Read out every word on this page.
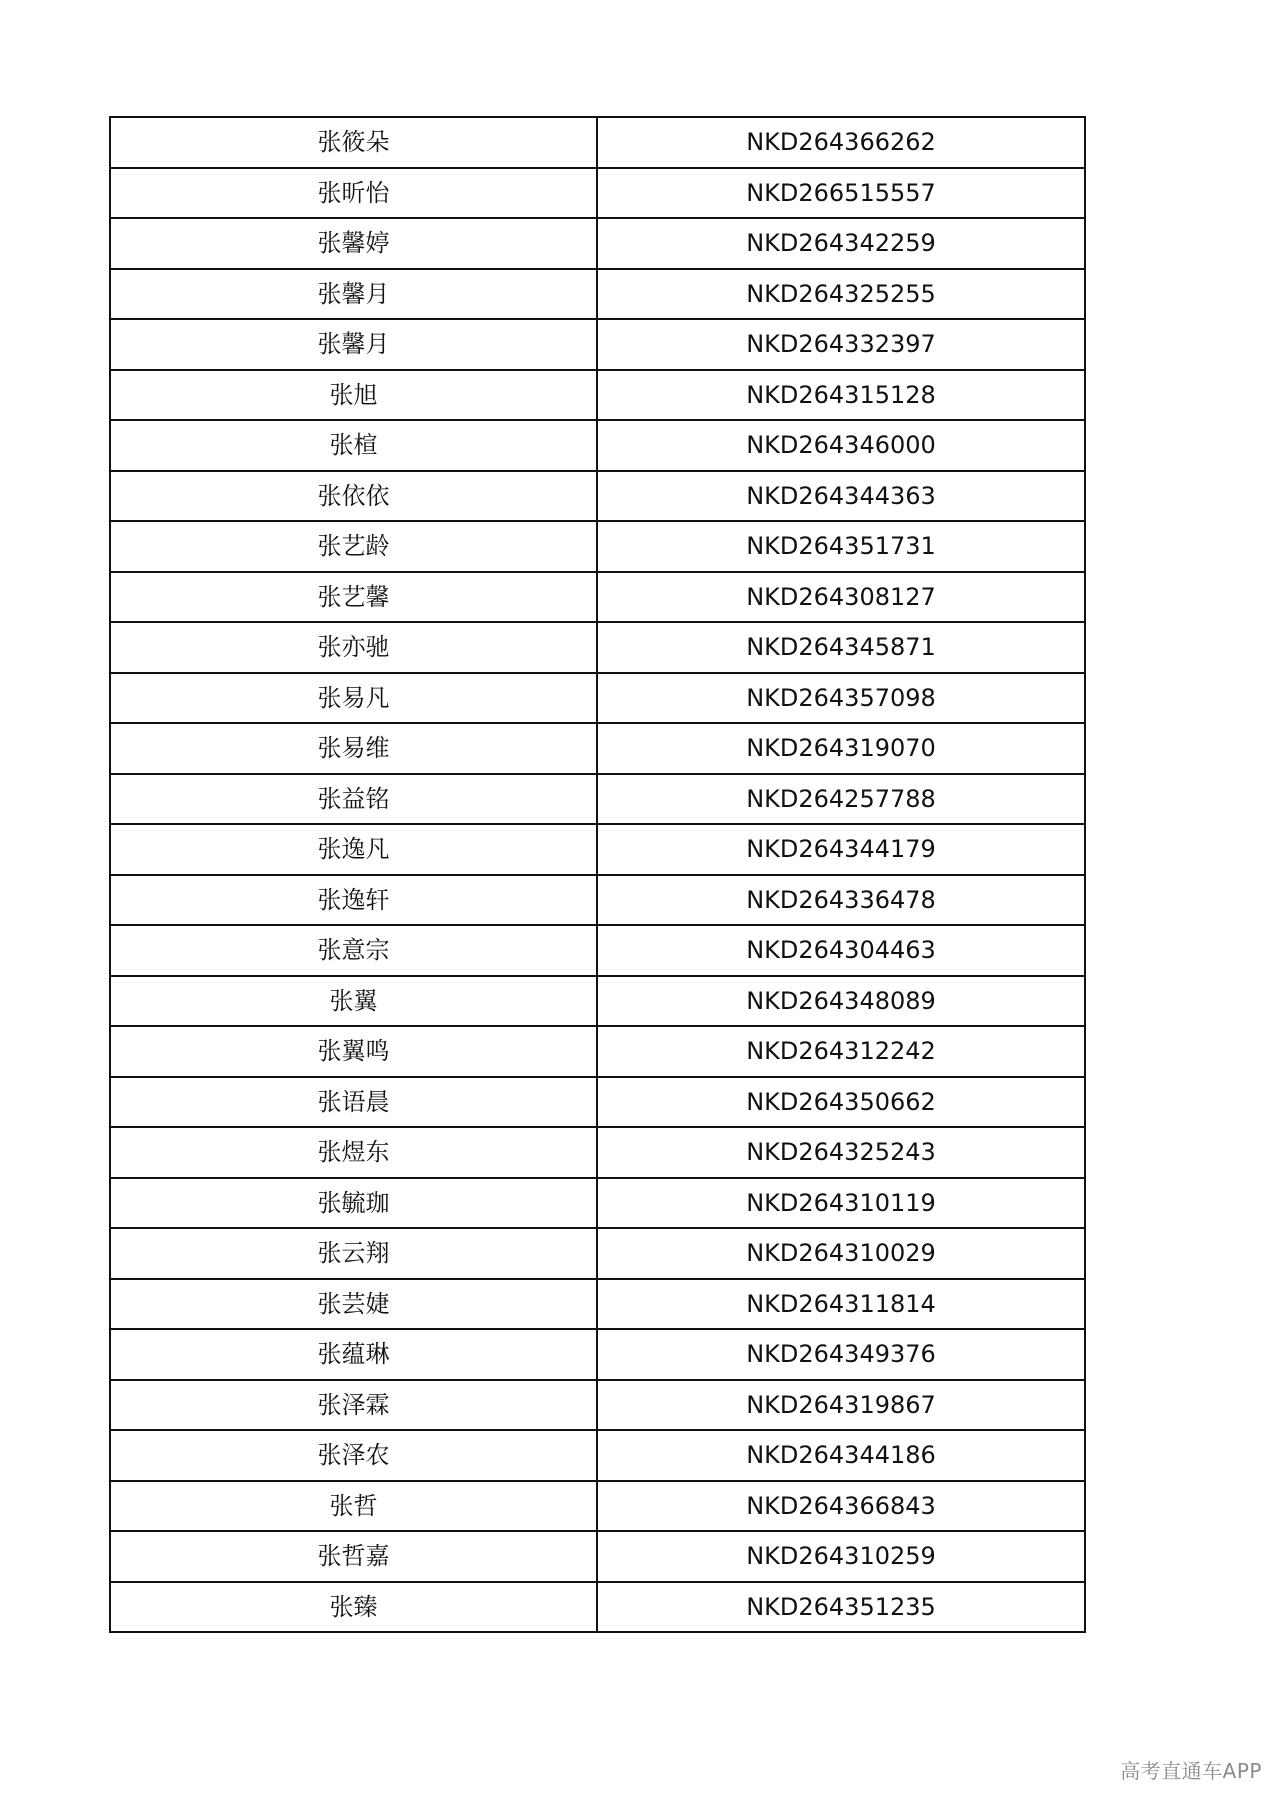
张筱朵	NKD264366262
张昕怡	NKD266515557
张馨婷	NKD264342259
张馨月	NKD264325255
张馨月	NKD264332397
张旭	NKD264315128
张楦	NKD264346000
张依依	NKD264344363
张艺龄	NKD264351731
张艺馨	NKD264308127
张亦驰	NKD264345871
张易凡	NKD264357098
张易维	NKD264319070
张益铭	NKD264257788
张逸凡	NKD264344179
张逸轩	NKD264336478
张意宗	NKD264304463
张翼	NKD264348089
张翼鸣	NKD264312242
张语晨	NKD264350662
张煜东	NKD264325243
张毓珈	NKD264310119
张云翔	NKD264310029
张芸婕	NKD264311814
张蕴琳	NKD264349376
张泽霖	NKD264319867
张泽农	NKD264344186
张哲	NKD264366843
张哲嘉	NKD264310259
张臻	NKD264351235
高考直通车APP
